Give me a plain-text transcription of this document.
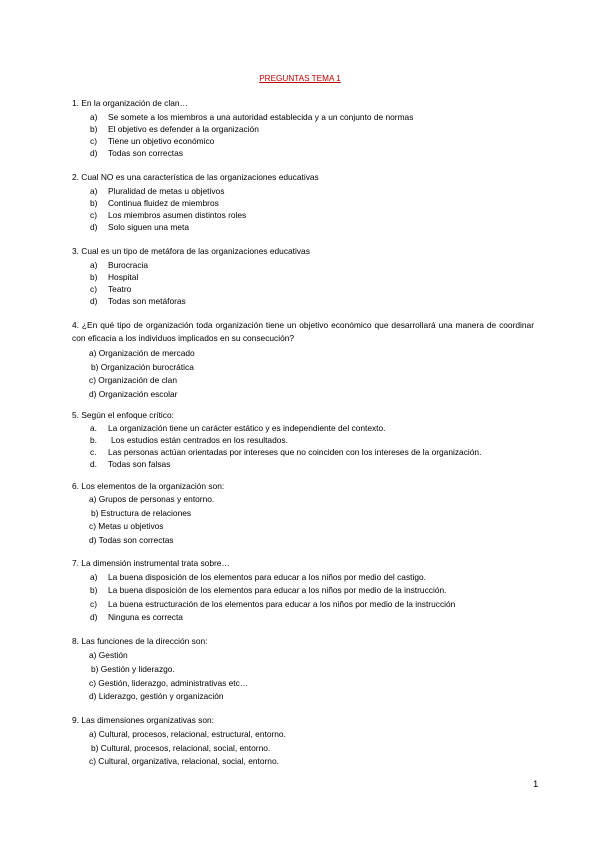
PREGUNTAS TEMA 1
1. En la organización de clan…
a) Se somete a los miembros a una autoridad establecida y a un conjunto de normas
b) El objetivo es defender a la organización
c) Tiene un objetivo económico
d) Todas son correctas
2. Cual NO es una característica de las organizaciones educativas
a) Pluralidad de metas u objetivos
b) Continua fluidez de miembros
c) Los miembros asumen distintos roles
d) Solo siguen una meta
3. Cual es un tipo de metáfora de las organizaciones educativas
a) Burocracia
b) Hospital
c) Teatro
d) Todas son metáforas
4. ¿En qué tipo de organización toda organización tiene un objetivo económico que desarrollará una manera de coordinar con eficacia a los individuos implicados en su consecución?
a) Organización de mercado
b) Organización burocrática
c) Organización de clan
d) Organización escolar
5. Según el enfoque crítico:
a. La organización tiene un carácter estático y es independiente del contexto.
b. Los estudios están centrados en los resultados.
c. Las personas actúan orientadas por intereses que no coinciden con los intereses de la organización.
d. Todas son falsas
6. Los elementos de la organización son:
a) Grupos de personas y entorno.
b) Estructura de relaciones
c) Metas u objetivos
d) Todas son correctas
7. La dimensión instrumental trata sobre…
a) La buena disposición de los elementos para educar a los niños por medio del castigo.
b) La buena disposición de los elementos para educar a los niños por medio de la instrucción.
c) La buena estructuración de los elementos para educar a los niños por medio de la instrucción
d) Ninguna es correcta
8. Las funciones de la dirección son:
a) Gestión
b) Gestión y liderazgo.
c) Gestión, liderazgo, administrativas etc…
d) Liderazgo, gestión y organización
9. Las dimensiones organizativas son:
a) Cultural, procesos, relacional, estructural, entorno.
b) Cultural, procesos, relacional, social, entorno.
c) Cultural, organizativa, relacional, social, entorno.
1
